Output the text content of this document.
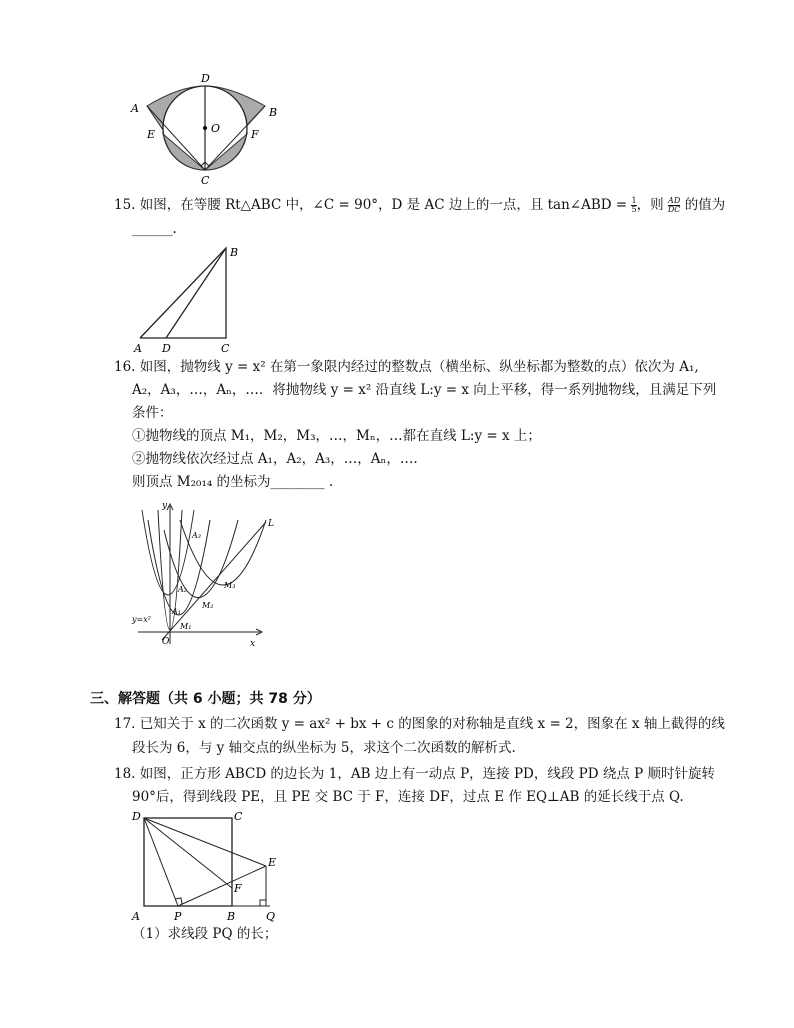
D
O
A	B
E	F
C
15. 如图，在等腰 Rt△ABC 中，∠C = 90°，D 是 AC 边上的一点，且 tan∠ABD = $\frac{1}{5}$ ，则 $\frac{AD}{DC}$ 的值为
______.
A D	C
B
16. 如图，抛物线 y = x² 在第一象限内经过的整数点（横坐标、纵坐标都为整数的点）依次为 A₁,
A₂，A₃，…，Aₙ，…．将抛物线 y = x² 沿直线 L:y = x 向上平移，得一系列抛物线，且满足下列
条件：
①抛物线的顶点 M₁，M₂，M₃，…，Mₙ，…都在直线 L:y = x 上；
②抛物线依次经过点 A₁，A₂，A₃，…，Aₙ，….
则顶点 M₂₀₁₄ 的坐标为________ .
y
x
O
L
A₃
A₂
A₁
M₁
M₂
M₃
y=x²
三、解答题（共 6 小题；共 78 分）
17. 已知关于 x 的二次函数 y = ax² + bx + c 的图象的对称轴是直线 x = 2，图象在 x 轴上截得的线
段长为 6，与 y 轴交点的纵坐标为 5，求这个二次函数的解析式.
18. 如图，正方形 ABCD 的边长为 1，AB 边上有一动点 P，连接 PD，线段 PD 绕点 P 顺时针旋转
90°后，得到线段 PE，且 PE 交 BC 于 F，连接 DF，过点 E 作 EQ⊥AB 的延长线于点 Q.
D	C
E
F
A	P	B	Q
（1）求线段 PQ 的长；
